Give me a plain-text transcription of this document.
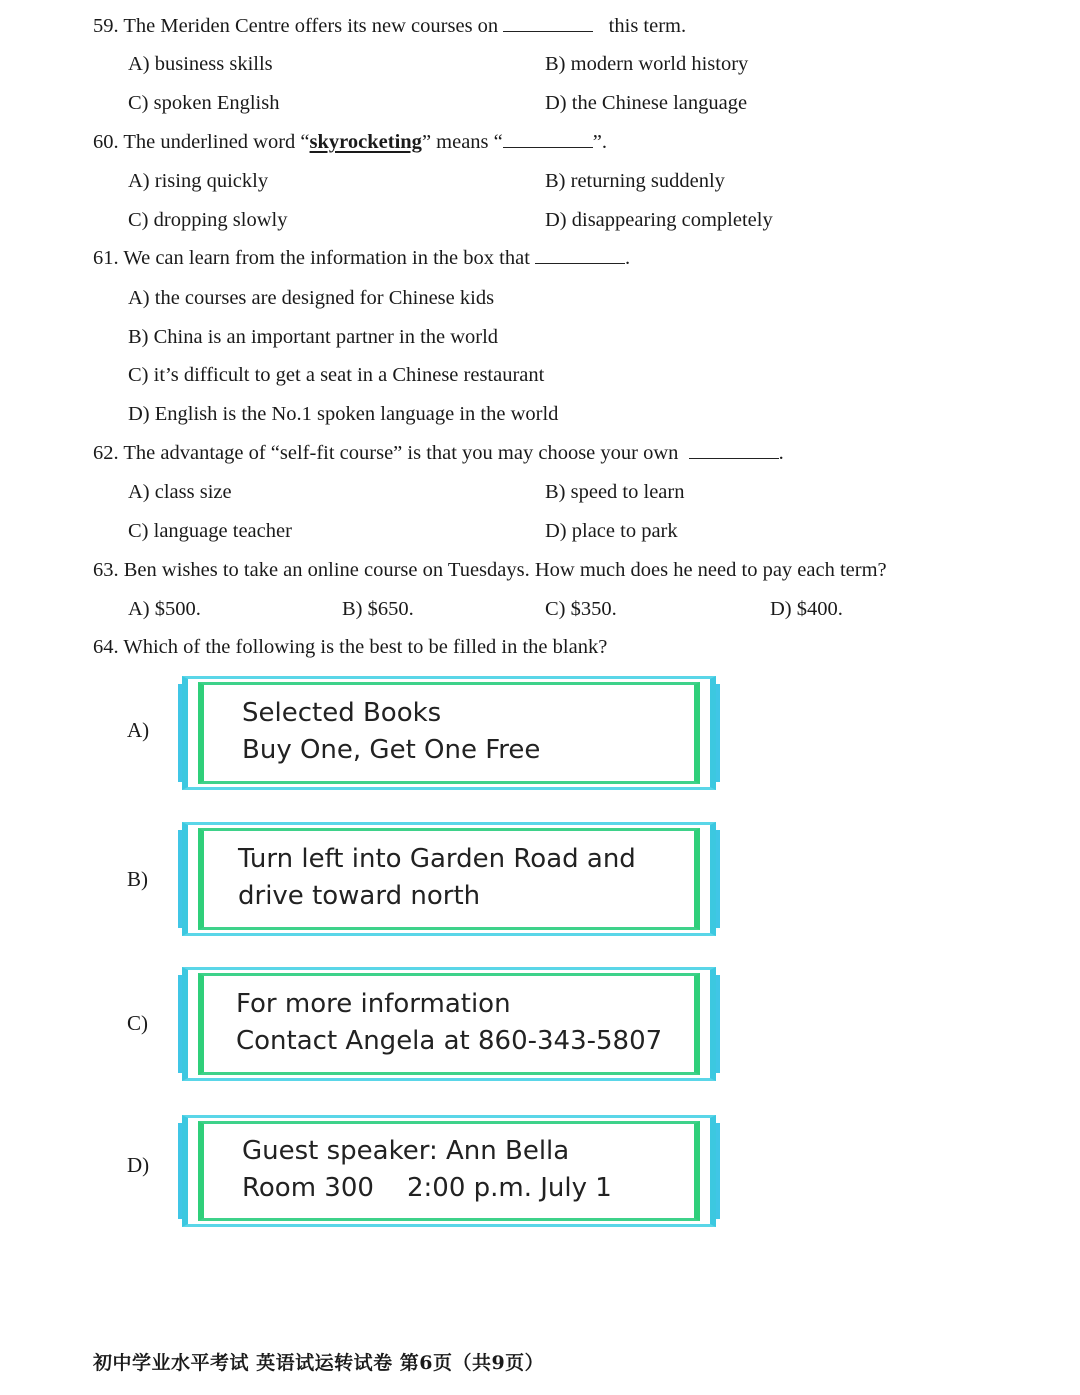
59. The Meriden Centre offers its new courses on	this term.
A) business skills	B) modern world history
C) spoken English	D) the Chinese language
60. The underlined word “skyrocketing” means “	”.
A) rising quickly	B) returning suddenly
C) dropping slowly	D) disappearing completely
61. We can learn from the information in the box that	.
A) the courses are designed for Chinese kids
B) China is an important partner in the world
C) it’s difficult to get a seat in a Chinese restaurant
D) English is the No.1 spoken language in the world
62. The advantage of “self-fit course” is that you may choose your own	.
A) class size	B) speed to learn
C) language teacher	D) place to park
63. Ben wishes to take an online course on Tuesdays. How much does he need to pay each term?
A) $500.	B) $650.	C) $350.	D) $400.
64. Which of the following is the best to be filled in the blank?
A)
Selected Books
Buy One, Get One Free
B)
Turn left into Garden Road and
drive toward north
C)
For more information
Contact Angela at 860-343-5807
D)	Guest speaker: Ann Bella
Room 300    2:00 p.m. July 1
初中学业水平考试 英语试运转试卷 第6页（共9页）
